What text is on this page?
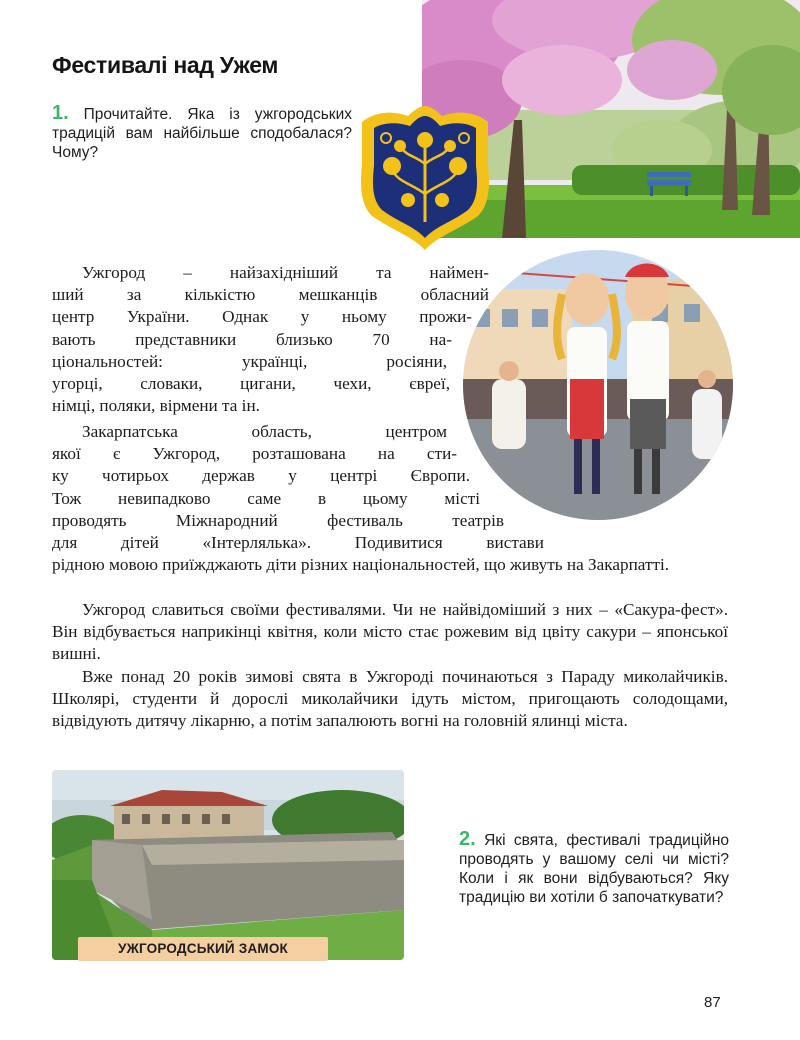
Фестивалі над Ужем
1. Прочитайте. Яка із ужгородських традицій вам найбільше сподобалася? Чому?

Ужгород – найзахідніший та наймен-

ший за кількістю мешканців обласний

центр України. Однак у ньому прожи-

вають представники близько 70 на-

ціональностей: українці, росіяни,

угорці, словаки, цигани, чехи, євреї,

німці, поляки, вірмени та ін.

Закарпатська область, центром

якої є Ужгород, розташована на сти-

ку чотирьох держав у центрі Європи.

Тож невипадково саме в цьому місті

проводять Міжнародний фестиваль театрів

для дітей «Інтерлялька». Подивитися вистави

рідною мовою приїжджають діти різних національностей, що живуть на Закарпатті.

Ужгород славиться своїми фестивалями. Чи не найвідоміший з них – «Сакура-фест». Він відбувається наприкінці квітня, коли місто стає рожевим від цвіту сакури – японської вишні.

Вже понад 20 років зимові свята в Ужгороді починаються з Параду миколайчиків. Школярі, студенти й дорослі миколайчики ідуть містом, пригощають солодощами, відвідують дитячу лікарню, а потім запалюють вогні на головній ялинці міста.

УЖГОРОДСЬКИЙ ЗАМОК
2. Які свята, фестивалі традиційно проводять у вашому селі чи місті? Коли і як вони відбуваються? Яку традицію ви хотіли б започаткувати?
87
